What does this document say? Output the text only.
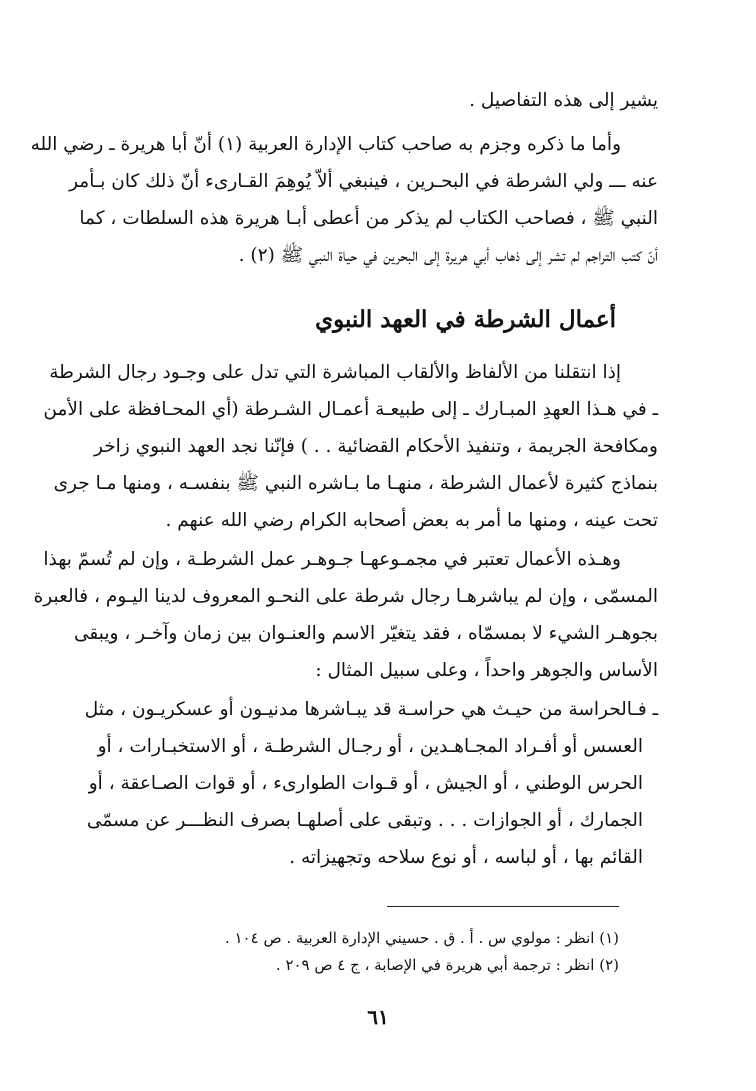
يشير إلى هذه التفاصيل .
وأما ما ذكره وجزم به صاحب كتاب الإدارة العربية (١) أنّ أبا هريرة ـ رضي الله
عنه ـــ ولي الشرطة في البحـرين ، فينبغي ألاّ يُوهِمَ القـارىء أنّ ذلك كان بـأمر
النبي ﷺ ، فصاحب الكتاب لم يذكر من أعطى أبـا هريرة هذه السلطات ، كما
أنّ كتب التراجم لم تشر إلى ذهاب أبي هريرة إلى البحرين في حياة النبي ﷺ (٢) .
أعمال الشرطة في العهد النبوي
إذا انتقلنا من الألفاظ والألقاب المباشرة التي تدل على وجـود رجال الشرطة
ـ في هـذا العهدِ المبـارك ـ إلى طبيعـة أعمـال الشـرطة (أي المحـافظة على الأمن
ومكافحة الجريمة ، وتنفيذ الأحكام القضائية . . ) فإنّنا نجد العهد النبوي زاخر
بنماذج كثيرة لأعمال الشرطة ، منهـا ما بـاشره النبي ﷺ بنفسـه ، ومنها مـا جرى
تحت عينه ، ومنها ما أمر به بعض أصحابه الكرام رضي الله عنهم .
وهـذه الأعمال تعتبر في مجمـوعهـا جـوهـر عمل الشرطـة ، وإن لم تُسمّ بهذا
المسمّى ، وإن لم يباشرهـا رجال شرطة على النحـو المعروف لدينا اليـوم ، فالعبرة
بجوهـر الشيء لا بمسمّاه ، فقد يتغيّر الاسم والعنـوان بين زمان وآخـر ، ويبقى
الأساس والجوهر واحداً ، وعلى سبيل المثال :
ـ فـالحراسة من حيـث هي حراسـة قد يبـاشرها مدنيـون أو عسكريـون ، مثل
العسس أو أفـراد المجـاهـدين ، أو رجـال الشرطـة ، أو الاستخبـارات ، أو
الحرس الوطني ، أو الجيش ، أو قـوات الطوارىء ، أو قوات الصـاعقة ، أو
الجمارك ، أو الجوازات . . . وتبقى على أصلهـا بصرف النظـــر عن مسمّى
القائم بها ، أو لباسه ، أو نوع سلاحه وتجهيزاته .
(١) انظر : مولوي س . أ . ق . حسيني الإدارة العربية . ص ١٠٤ .
(٢) انظر : ترجمة أبي هريرة في الإصابة ، ج ٤ ص ٢٠٩ .
٦١
